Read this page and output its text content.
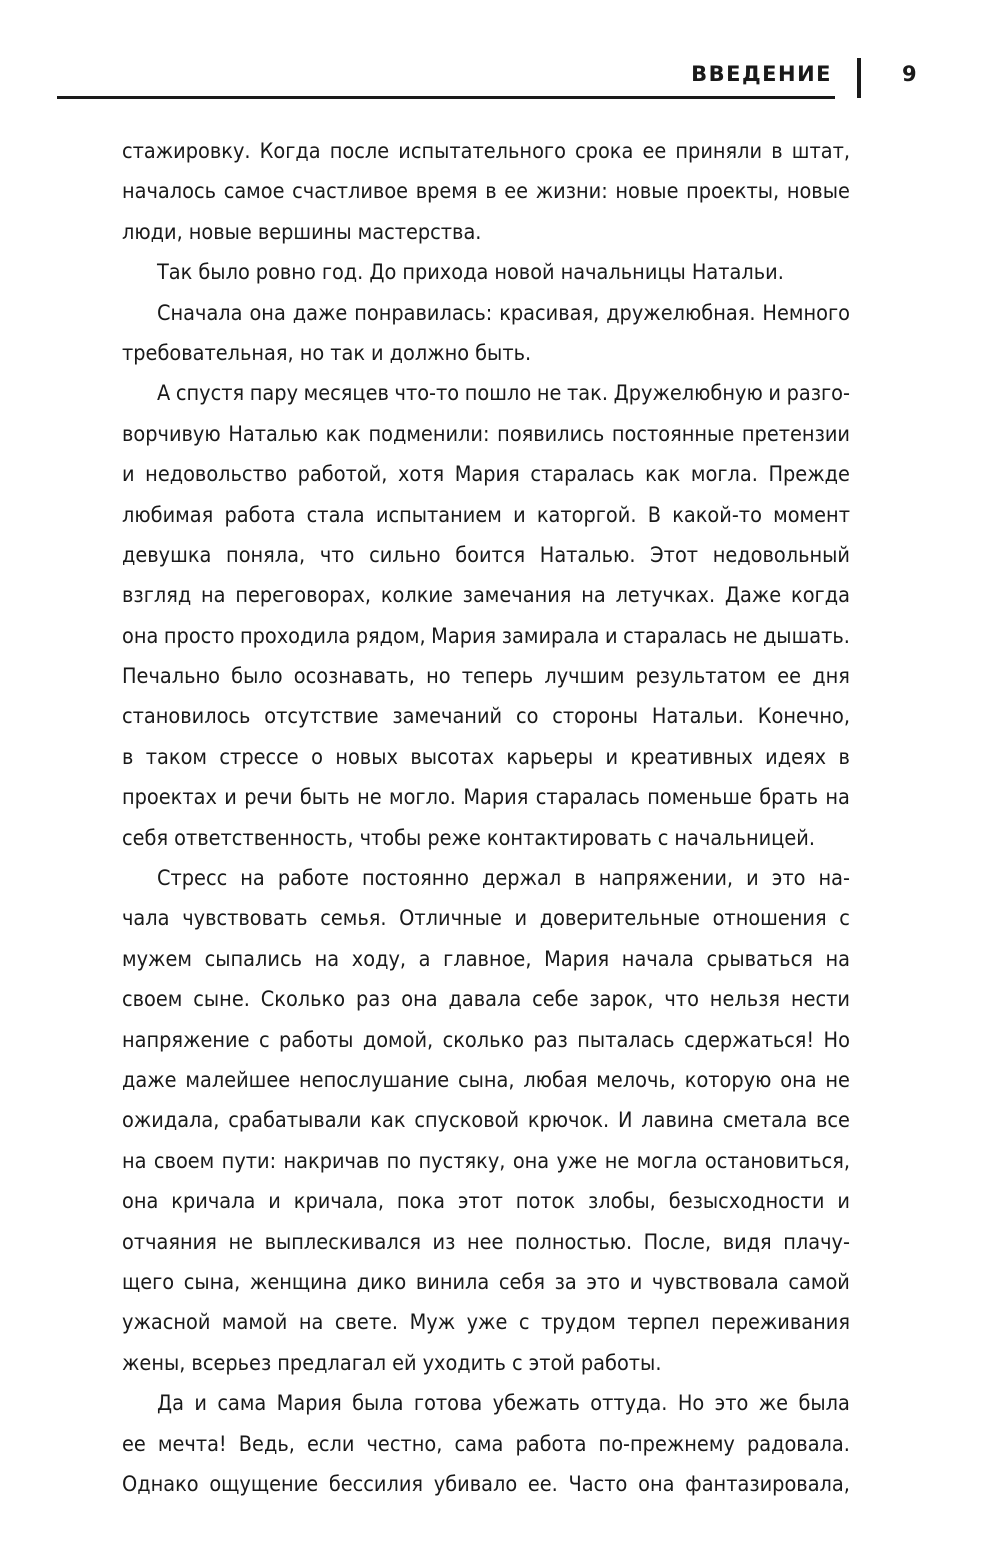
ВВЕДЕНИЕ	9
стажировку. Когда после испытательного срока ее приняли в штат,
началось самое счастливое время в ее жизни: новые проекты, новые
люди, новые вершины мастерства.
Так было ровно год. До прихода новой начальницы Натальи.
Сначала она даже понравилась: красивая, дружелюбная. Немного
требовательная, но так и должно быть.
А спустя пару месяцев что-то пошло не так. Дружелюбную и разго-
ворчивую Наталью как подменили: появились постоянные претензии
и недовольство работой, хотя Мария старалась как могла. Прежде
любимая работа стала испытанием и каторгой. В какой-то момент
девушка поняла, что сильно боится Наталью. Этот недовольный
взгляд на переговорах, колкие замечания на летучках. Даже когда
она просто проходила рядом, Мария замирала и старалась не дышать.
Печально было осознавать, но теперь лучшим результатом ее дня
становилось отсутствие замечаний со стороны Натальи. Конечно,
в таком стрессе о новых высотах карьеры и креативных идеях в
проектах и речи быть не могло. Мария старалась поменьше брать на
себя ответственность, чтобы реже контактировать с начальницей.
Стресс на работе постоянно держал в напряжении, и это на-
чала чувствовать семья. Отличные и доверительные отношения с
мужем сыпались на ходу, а главное, Мария начала срываться на
своем сыне. Сколько раз она давала себе зарок, что нельзя нести
напряжение с работы домой, сколько раз пыталась сдержаться! Но
даже малейшее непослушание сына, любая мелочь, которую она не
ожидала, срабатывали как спусковой крючок. И лавина сметала все
на своем пути: накричав по пустяку, она уже не могла остановиться,
она кричала и кричала, пока этот поток злобы, безысходности и
отчаяния не выплескивался из нее полностью. После, видя плачу-
щего сына, женщина дико винила себя за это и чувствовала самой
ужасной мамой на свете. Муж уже с трудом терпел переживания
жены, всерьез предлагал ей уходить с этой работы.
Да и сама Мария была готова убежать оттуда. Но это же была
ее мечта! Ведь, если честно, сама работа по-прежнему радовала.
Однако ощущение бессилия убивало ее. Часто она фантазировала,
